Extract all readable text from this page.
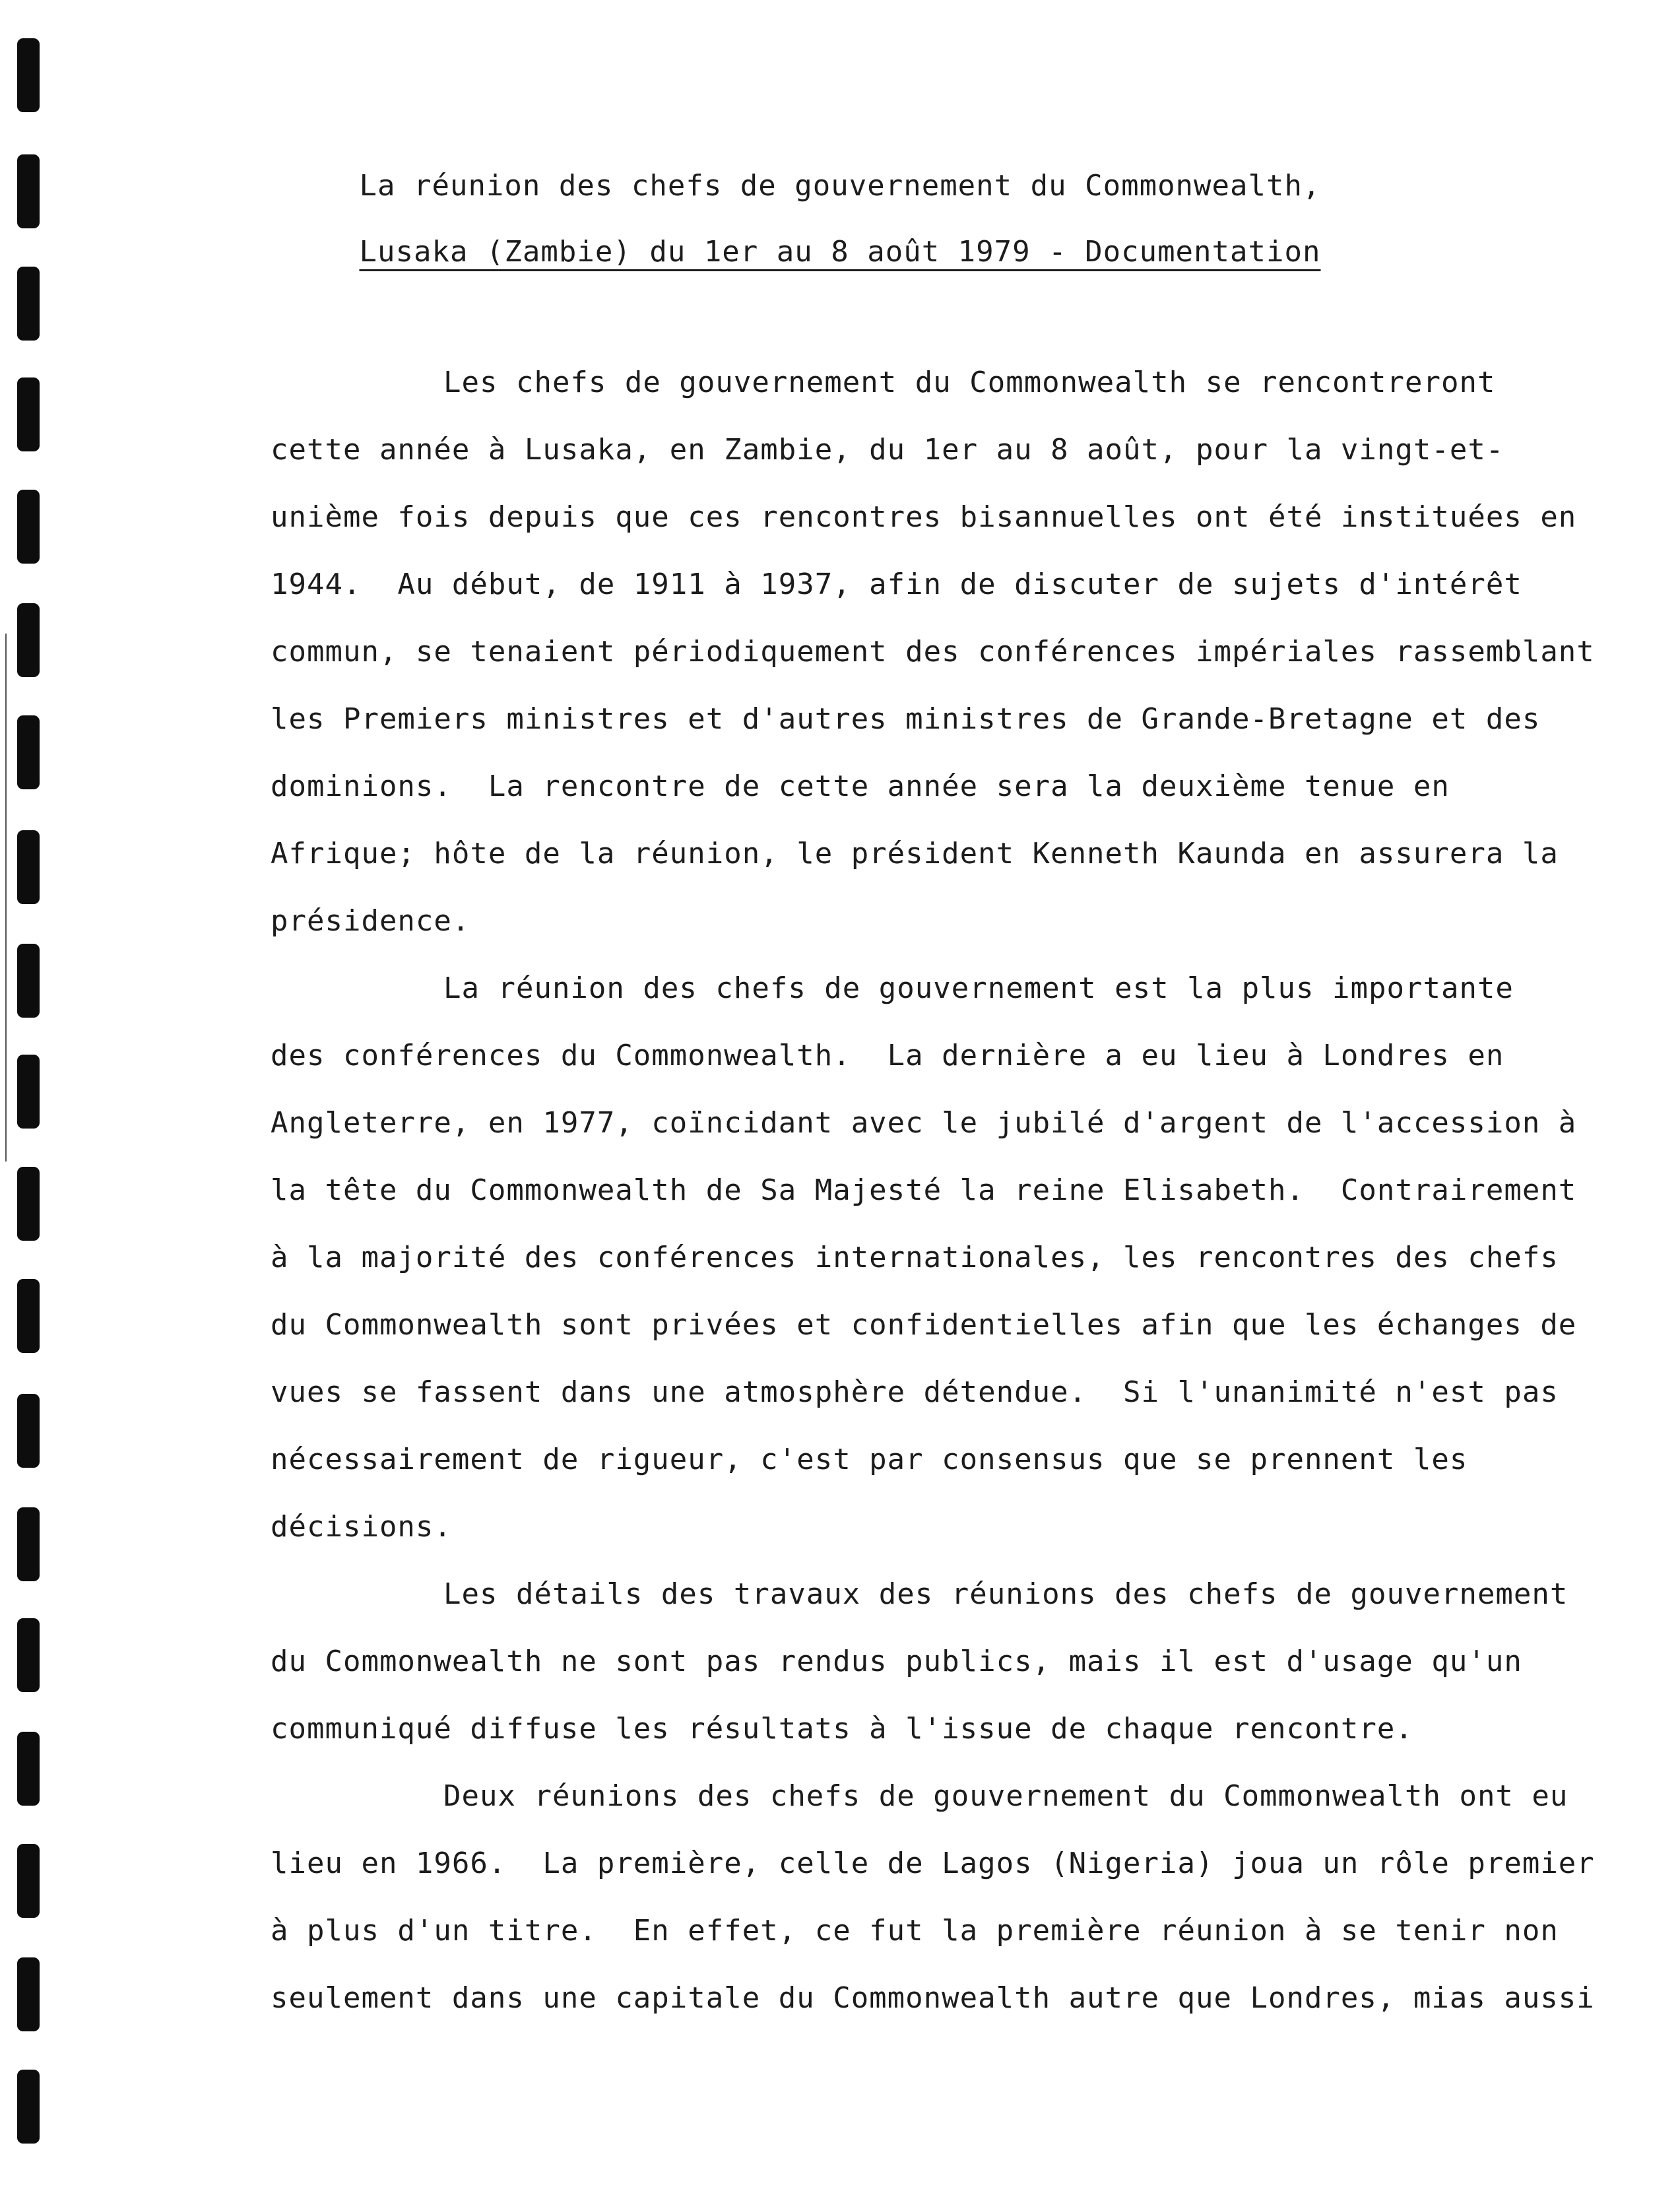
La réunion des chefs de gouvernement du Commonwealth,
Lusaka (Zambie) du 1er au 8 août 1979 - Documentation
Les chefs de gouvernement du Commonwealth se rencontreront
cette année à Lusaka, en Zambie, du 1er au 8 août, pour la vingt-et-
unième fois depuis que ces rencontres bisannuelles ont été instituées en
1944.  Au début, de 1911 à 1937, afin de discuter de sujets d'intérêt
commun, se tenaient périodiquement des conférences impériales rassemblant
les Premiers ministres et d'autres ministres de Grande-Bretagne et des
dominions.  La rencontre de cette année sera la deuxième tenue en
Afrique; hôte de la réunion, le président Kenneth Kaunda en assurera la
présidence.
La réunion des chefs de gouvernement est la plus importante
des conférences du Commonwealth.  La dernière a eu lieu à Londres en
Angleterre, en 1977, coïncidant avec le jubilé d'argent de l'accession à
la tête du Commonwealth de Sa Majesté la reine Elisabeth.  Contrairement
à la majorité des conférences internationales, les rencontres des chefs
du Commonwealth sont privées et confidentielles afin que les échanges de
vues se fassent dans une atmosphère détendue.  Si l'unanimité n'est pas
nécessairement de rigueur, c'est par consensus que se prennent les
décisions.
Les détails des travaux des réunions des chefs de gouvernement
du Commonwealth ne sont pas rendus publics, mais il est d'usage qu'un
communiqué diffuse les résultats à l'issue de chaque rencontre.
Deux réunions des chefs de gouvernement du Commonwealth ont eu
lieu en 1966.  La première, celle de Lagos (Nigeria) joua un rôle premier
à plus d'un titre.  En effet, ce fut la première réunion à se tenir non
seulement dans une capitale du Commonwealth autre que Londres, mias aussi
